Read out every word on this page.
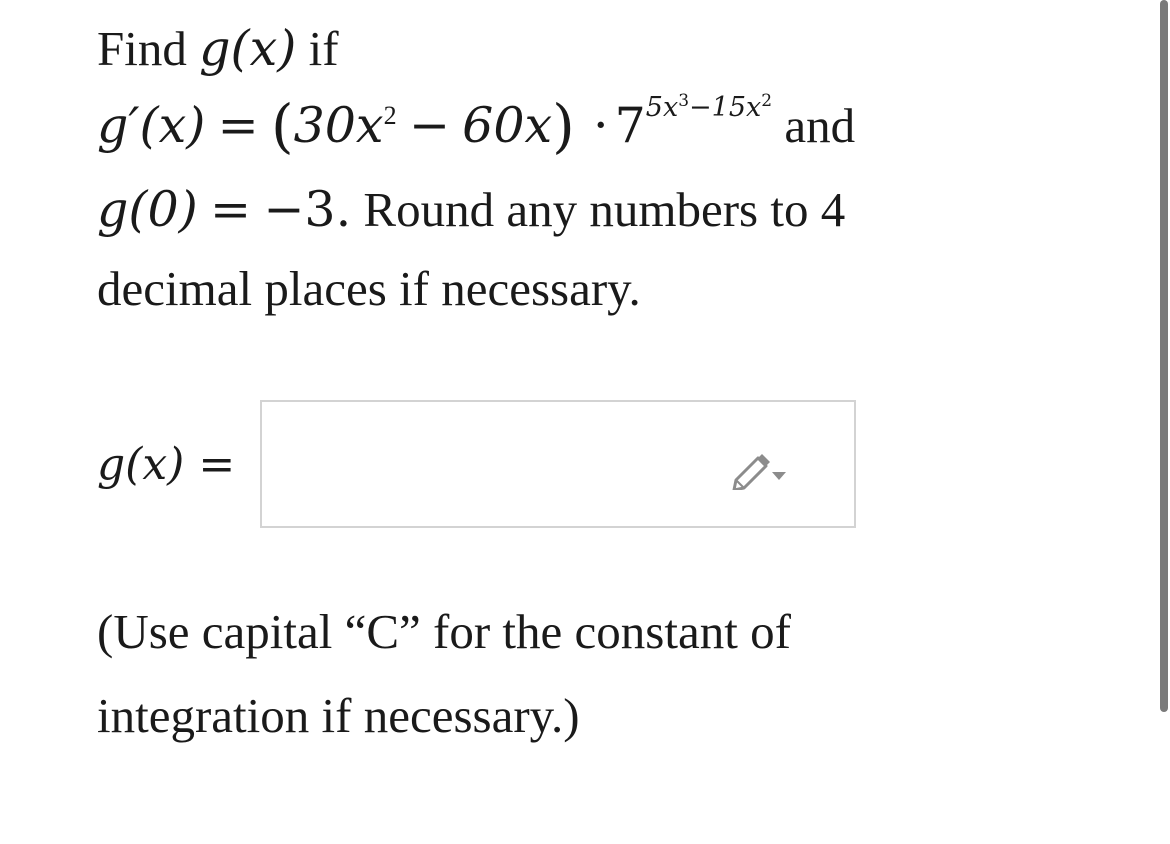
Find g(x) if
$g'(x) = (30x^2 - 60x) \cdot 7^{5x^3-15x^2}$ and
g(0) = −3. Round any numbers to 4
decimal places if necessary.
g(x) =
(Use capital “C” for the constant of
integration if necessary.)
